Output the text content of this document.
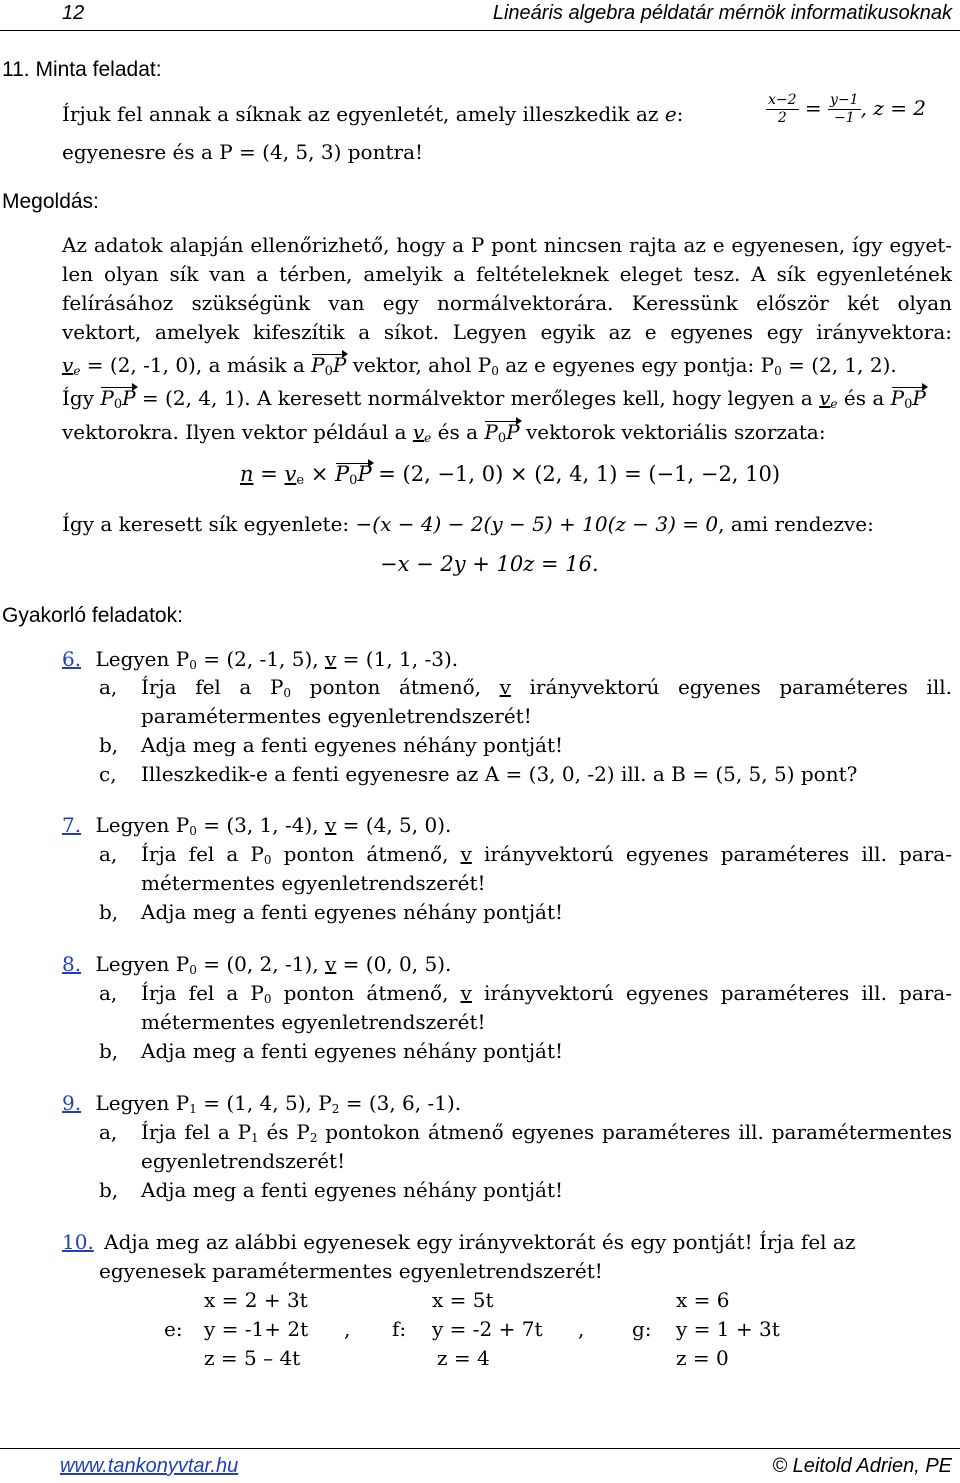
12	Lineáris algebra példatár mérnök informatikusoknak
11. Minta feladat:
Írjuk fel annak a síknak az egyenletét, amely illeszkedik az e:	$\frac{x-2}{2} = \frac{y-1}{-1}$ , z = 2
egyenesre és a P = (4, 5, 3) pontra!
Megoldás:
Az adatok alapján ellenőrizhető, hogy a P pont nincsen rajta az e egyenesen, így egyet-
len olyan sík van a térben, amelyik a feltételeknek eleget tesz. A sík egyenletének
felírásához szükségünk van egy normálvektorára. Keressünk először két olyan
vektort, amelyek kifeszítik a síkot. Legyen egyik az e egyenes egy irányvektora:
ve = (2, -1, 0), a másik a $P_0P$ vektor, ahol P0 az e egyenes egy pontja: P0 = (2, 1, 2).
Így $P_0P = (2$, 4, 1). A keresett normálvektor merőleges kell, hogy legyen a ve és a $P_0P$
vektorokra. Ilyen vektor például a ve és a $P_0P$ vektorok vektoriális szorzata:
$n = v_e \times P_0P = (2$, −1, 0) × (2, 4, 1) = (−1, −2, 10)
Így a keresett sík egyenlete: −(x − 4) − 2(y − 5) + 10(z − 3) = 0, ami rendezve:
−x − 2y + 10z = 16.
Gyakorló feladatok:
6. Legyen P0 = (2, -1, 5), v = (1, 1, -3).
a, Írja fel a P0 ponton átmenő, v irányvektorú egyenes paraméteres ill.
paramétermentes egyenletrendszerét!
b, Adja meg a fenti egyenes néhány pontját!
c, Illeszkedik-e a fenti egyenesre az A = (3, 0, -2) ill. a B = (5, 5, 5) pont?
7. Legyen P0 = (3, 1, -4), v = (4, 5, 0).
a, Írja fel a P0 ponton átmenő, v irányvektorú egyenes paraméteres ill. para-
métermentes egyenletrendszerét!
b, Adja meg a fenti egyenes néhány pontját!
8. Legyen P0 = (0, 2, -1), v = (0, 0, 5).
a, Írja fel a P0 ponton átmenő, v irányvektorú egyenes paraméteres ill. para-
métermentes egyenletrendszerét!
b, Adja meg a fenti egyenes néhány pontját!
9. Legyen P1 = (1, 4, 5), P2 = (3, 6, -1).
a, Írja fel a P1 és P2 pontokon átmenő egyenes paraméteres ill. paramétermentes
egyenletrendszerét!
b, Adja meg a fenti egyenes néhány pontját!
10. Adja meg az alábbi egyenesek egy irányvektorát és egy pontját! Írja fel az
egyenesek paramétermentes egyenletrendszerét!
x = 2 + 3t
e: y = -1+ 2t
z = 5 – 4t
,
x = 5t
f: y = -2 + 7t
z = 4
,
x = 6
g: y = 1 + 3t
z = 0
www.tankonyvtar.hu	© Leitold Adrien, PE
